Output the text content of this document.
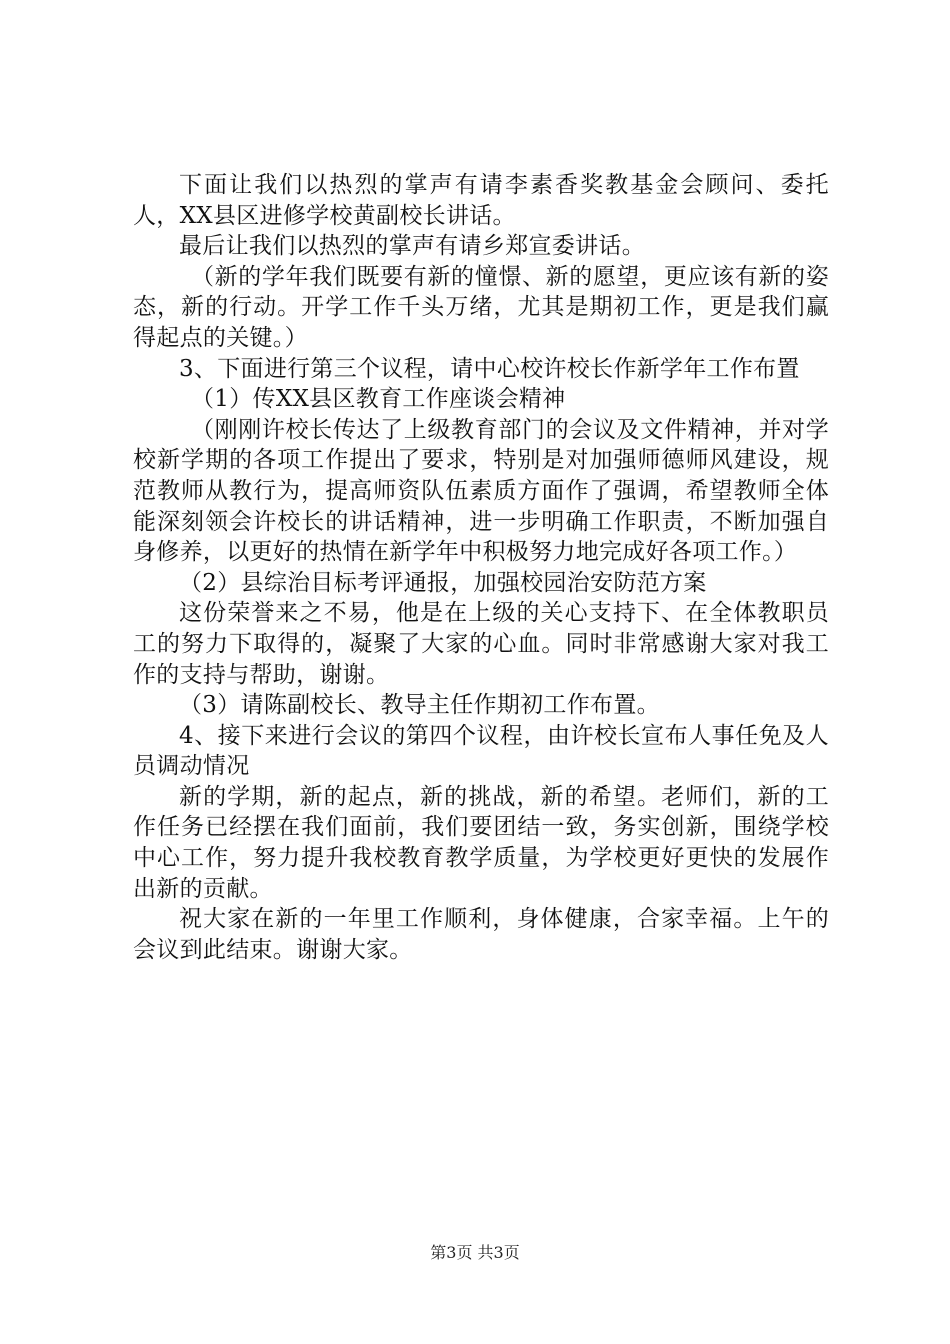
下面让我们以热烈的掌声有请李素香奖教基金会顾问、委托人，XX县区进修学校黄副校长讲话。

最后让我们以热烈的掌声有请乡郑宣委讲话。

（新的学年我们既要有新的憧憬、新的愿望，更应该有新的姿态，新的行动。开学工作千头万绪，尤其是期初工作，更是我们赢得起点的关键。）

3、下面进行第三个议程，请中心校许校长作新学年工作布置

（1）传XX县区教育工作座谈会精神

（刚刚许校长传达了上级教育部门的会议及文件精神，并对学校新学期的各项工作提出了要求，特别是对加强师德师风建设，规范教师从教行为，提高师资队伍素质方面作了强调，希望教师全体能深刻领会许校长的讲话精神，进一步明确工作职责，不断加强自身修养，以更好的热情在新学年中积极努力地完成好各项工作。）

（2）县综治目标考评通报，加强校园治安防范方案

这份荣誉来之不易，他是在上级的关心支持下、在全体教职员工的努力下取得的，凝聚了大家的心血。同时非常感谢大家对我工作的支持与帮助，谢谢。

（3）请陈副校长、教导主任作期初工作布置。

4、接下来进行会议的第四个议程，由许校长宣布人事任免及人员调动情况

新的学期，新的起点，新的挑战，新的希望。老师们，新的工作任务已经摆在我们面前，我们要团结一致，务实创新，围绕学校中心工作，努力提升我校教育教学质量，为学校更好更快的发展作出新的贡献。

祝大家在新的一年里工作顺利，身体健康，合家幸福。上午的会议到此结束。谢谢大家。

第3页 共3页
